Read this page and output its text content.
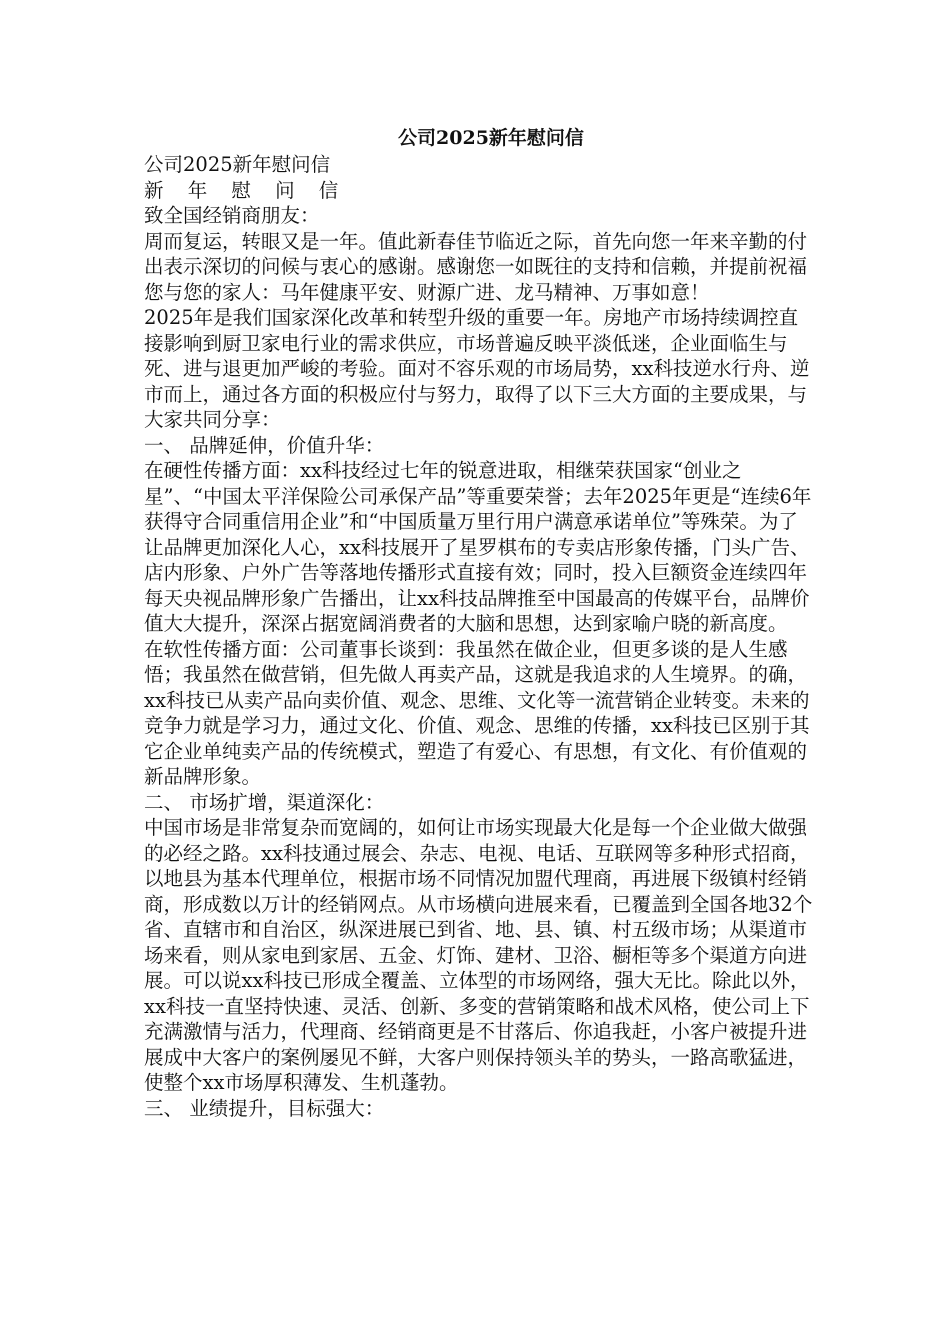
公司2025新年慰问信

公司2025新年慰问信

新 年 慰 问 信

致全国经销商朋友：

周而复运，转眼又是一年。值此新春佳节临近之际，首先向您一年来辛勤的付出表示深切的问候与衷心的感谢。感谢您一如既往的支持和信赖，并提前祝福您与您的家人：马年健康平安、财源广进、龙马精神、万事如意！

2025年是我们国家深化改革和转型升级的重要一年。房地产市场持续调控直接影响到厨卫家电行业的需求供应，市场普遍反映平淡低迷，企业面临生与死、进与退更加严峻的考验。面对不容乐观的市场局势，xx科技逆水行舟、逆市而上，通过各方面的积极应付与努力，取得了以下三大方面的主要成果，与大家共同分享：

一、 品牌延伸，价值升华：

在硬性传播方面：xx科技经过七年的锐意进取，相继荣获国家“创业之星”、“中国太平洋保险公司承保产品”等重要荣誉；去年2025年更是“连续6年获得守合同重信用企业”和“中国质量万里行用户满意承诺单位”等殊荣。为了让品牌更加深化人心，xx科技展开了星罗棋布的专卖店形象传播，门头广告、店内形象、户外广告等落地传播形式直接有效；同时，投入巨额资金连续四年每天央视品牌形象广告播出，让xx科技品牌推至中国最高的传媒平台，品牌价值大大提升，深深占据宽阔消费者的大脑和思想，达到家喻户晓的新高度。

在软性传播方面：公司董事长谈到：我虽然在做企业，但更多谈的是人生感悟；我虽然在做营销，但先做人再卖产品，这就是我追求的人生境界。的确，xx科技已从卖产品向卖价值、观念、思维、文化等一流营销企业转变。未来的竞争力就是学习力，通过文化、价值、观念、思维的传播，xx科技已区别于其它企业单纯卖产品的传统模式，塑造了有爱心、有思想，有文化、有价值观的新品牌形象。

二、 市场扩增，渠道深化：

中国市场是非常复杂而宽阔的，如何让市场实现最大化是每一个企业做大做强的必经之路。xx科技通过展会、杂志、电视、电话、互联网等多种形式招商，以地县为基本代理单位，根据市场不同情况加盟代理商，再进展下级镇村经销商，形成数以万计的经销网点。从市场横向进展来看，已覆盖到全国各地32个省、直辖市和自治区，纵深进展已到省、地、县、镇、村五级市场；从渠道市场来看，则从家电到家居、五金、灯饰、建材、卫浴、橱柜等多个渠道方向进展。可以说xx科技已形成全覆盖、立体型的市场网络，强大无比。除此以外，xx科技一直坚持快速、灵活、创新、多变的营销策略和战术风格，使公司上下充满激情与活力，代理商、经销商更是不甘落后、你追我赶，小客户被提升进展成中大客户的案例屡见不鲜，大客户则保持领头羊的势头，一路高歌猛进，使整个xx市场厚积薄发、生机蓬勃。

三、 业绩提升，目标强大：
